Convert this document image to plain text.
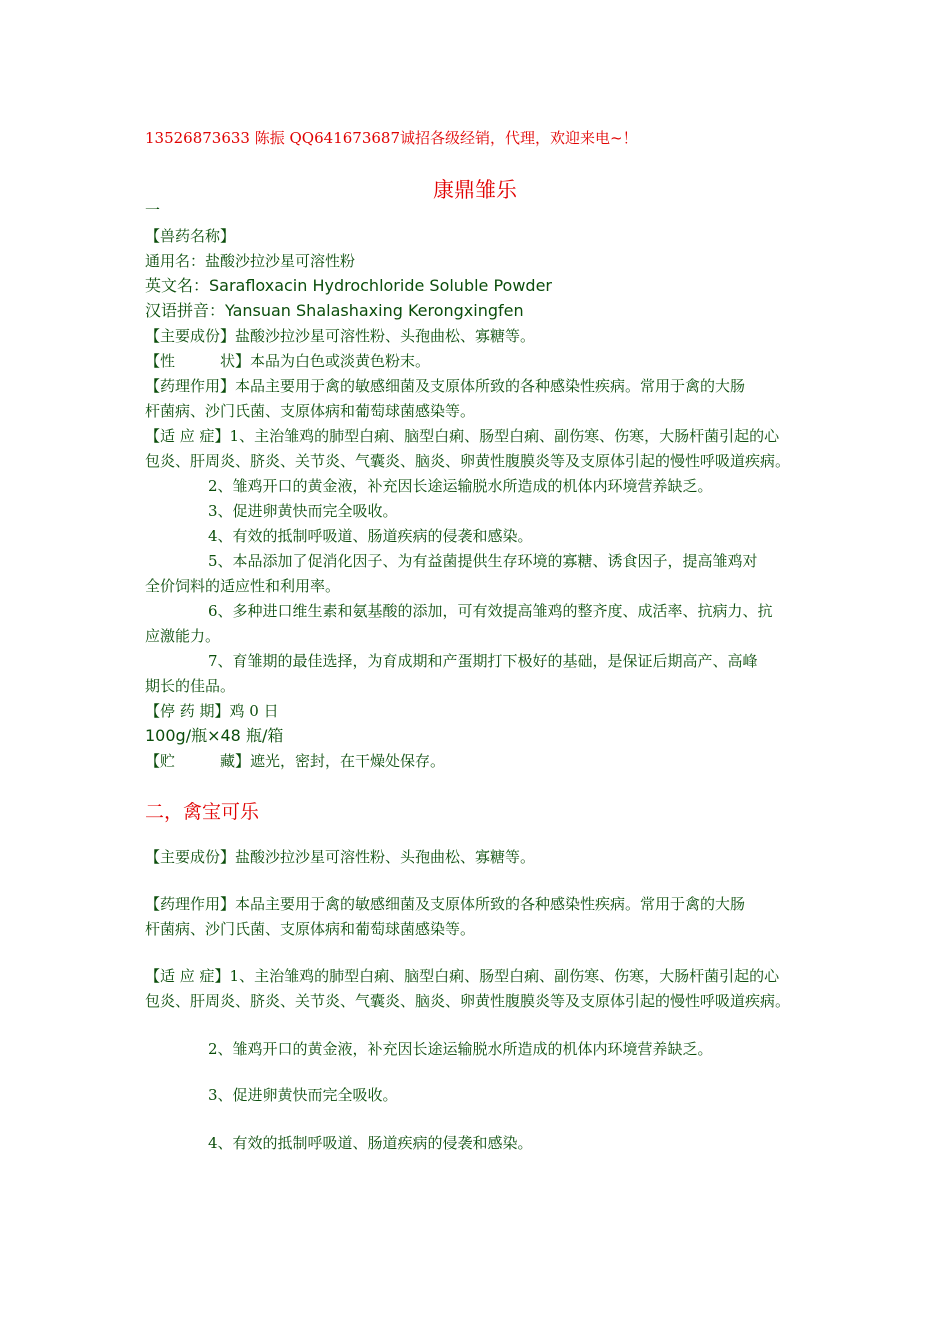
13526873633 陈振 QQ641673687诚招各级经销，代理，欢迎来电~！
康鼎雏乐
一
【兽药名称】
通用名：盐酸沙拉沙星可溶性粉
英文名：Sarafloxacin Hydrochloride Soluble Powder
汉语拼音：Yansuan Shalashaxing Kerongxingfen
【主要成份】盐酸沙拉沙星可溶性粉、头孢曲松、寡糖等。
【性　　　状】本品为白色或淡黄色粉末。
【药理作用】本品主要用于禽的敏感细菌及支原体所致的各种感染性疾病。常用于禽的大肠
杆菌病、沙门氏菌、支原体病和葡萄球菌感染等。
【适 应 症】1、主治雏鸡的肺型白痢、脑型白痢、肠型白痢、副伤寒、伤寒，大肠杆菌引起的心
包炎、肝周炎、脐炎、关节炎、气囊炎、脑炎、卵黄性腹膜炎等及支原体引起的慢性呼吸道疾病。
2、雏鸡开口的黄金液，补充因长途运输脱水所造成的机体内环境营养缺乏。
3、促进卵黄快而完全吸收。
4、有效的抵制呼吸道、肠道疾病的侵袭和感染。
5、本品添加了促消化因子、为有益菌提供生存环境的寡糖、诱食因子，提高雏鸡对
全价饲料的适应性和利用率。
6、多种进口维生素和氨基酸的添加，可有效提高雏鸡的整齐度、成活率、抗病力、抗
应激能力。
7、育雏期的最佳选择，为育成期和产蛋期打下极好的基础，是保证后期高产、高峰
期长的佳品。
【停 药 期】鸡 0 日
100g/瓶×48 瓶/箱
【贮　　　藏】遮光，密封，在干燥处保存。
二，禽宝可乐
【主要成份】盐酸沙拉沙星可溶性粉、头孢曲松、寡糖等。
【药理作用】本品主要用于禽的敏感细菌及支原体所致的各种感染性疾病。常用于禽的大肠
杆菌病、沙门氏菌、支原体病和葡萄球菌感染等。
【适 应 症】1、主治雏鸡的肺型白痢、脑型白痢、肠型白痢、副伤寒、伤寒，大肠杆菌引起的心
包炎、肝周炎、脐炎、关节炎、气囊炎、脑炎、卵黄性腹膜炎等及支原体引起的慢性呼吸道疾病。
2、雏鸡开口的黄金液，补充因长途运输脱水所造成的机体内环境营养缺乏。
3、促进卵黄快而完全吸收。
4、有效的抵制呼吸道、肠道疾病的侵袭和感染。
